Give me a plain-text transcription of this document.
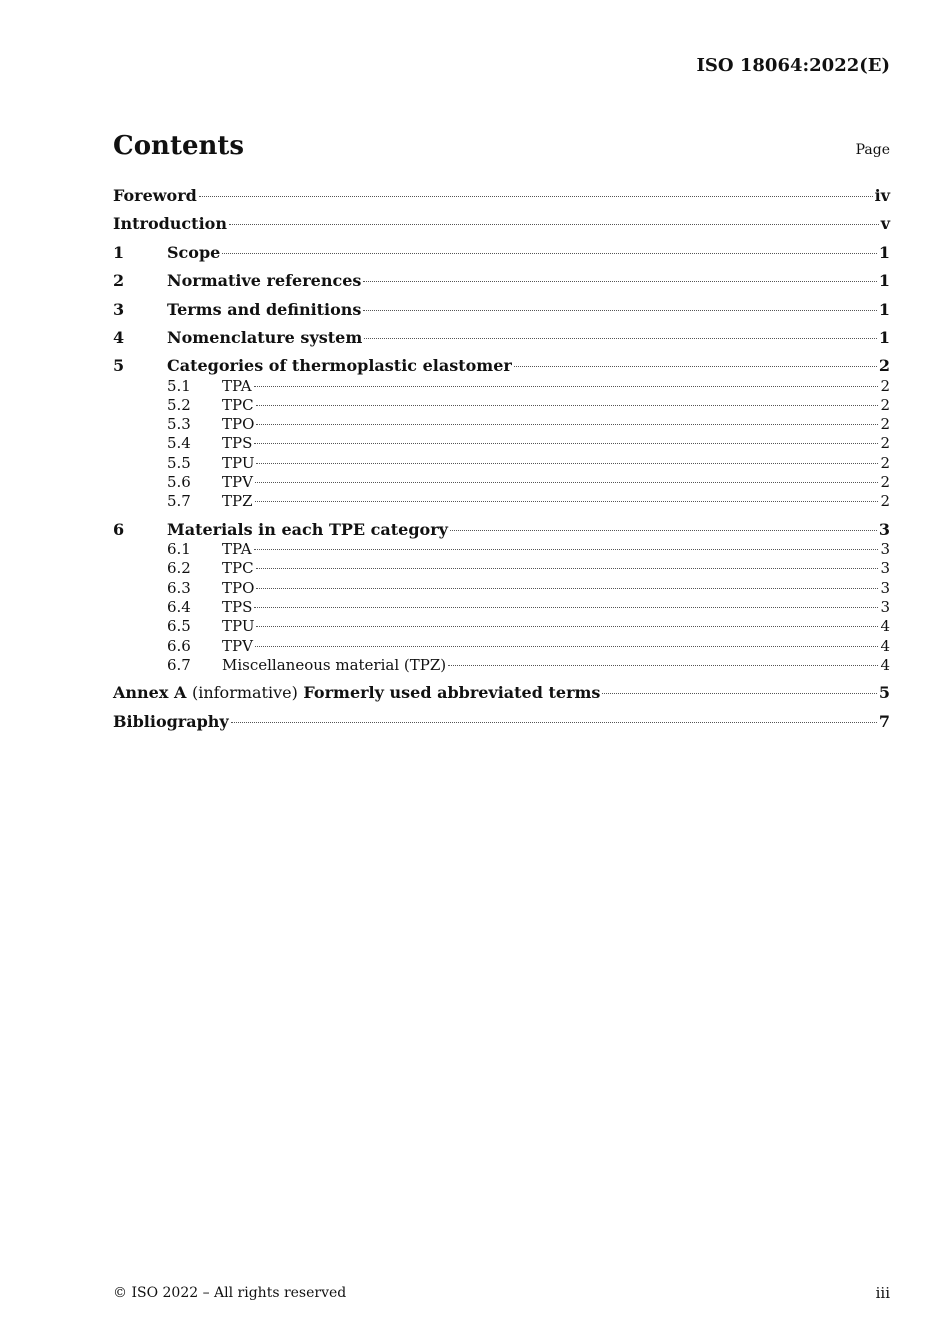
ISO 18064:2022(E)
Contents	Page
Foreword	iv
Introduction	v
1	Scope	1
2	Normative references	1
3	Terms and definitions	1
4	Nomenclature system	1
5	Categories of thermoplastic elastomer	2
5.1	TPA	2
5.2	TPC	2
5.3	TPO	2
5.4	TPS	2
5.5	TPU	2
5.6	TPV	2
5.7	TPZ	2
6	Materials in each TPE category	3
6.1	TPA	3
6.2	TPC	3
6.3	TPO	3
6.4	TPS	3
6.5	TPU	4
6.6	TPV	4
6.7	Miscellaneous material (TPZ)	4
Annex A (informative) Formerly used abbreviated terms	5
Bibliography	7
© ISO 2022 – All rights reserved	iii
